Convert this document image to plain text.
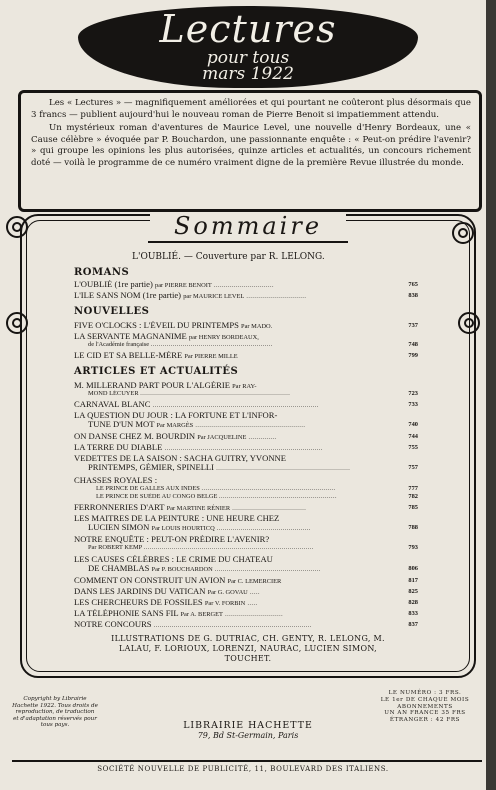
Lectures
pour tous
mars 1922

Les « Lectures » — magnifiquement améliorées et qui pourtant ne coûteront plus désormais que 3 francs — publient aujourd'hui le nouveau roman de Pierre Benoit si impatiemment attendu.

Un mystérieux roman d'aventures de Maurice Level, une nouvelle d'Henry Bordeaux, une « Cause célèbre » évoquée par P. Bouchardon, une passionnante enquête : « Peut-on prédire l'avenir? » qui groupe les opinions les plus autorisées, quinze articles et actualités, un concours richement doté — voilà le programme de ce numéro vraiment digne de la première Revue illustrée du monde.

Sommaire
L'OUBLIÉ. — Couverture par R. LELONG.
ROMANS
L'OUBLIÉ (1re partie) par PIERRE BENOIT ..............................	765
L'ILE SANS NOM (1re partie) par MAURICE LEVEL ..............................	838
NOUVELLES
FIVE O'CLOCKS : L'ÉVEIL DU PRINTEMPS Par MADO.	737
LA SERVANTE MAGNANIME par HENRY BORDEAUX,
de l'Académie française .............................................................	748
LE CID ET SA BELLE-MÈRE Par PIERRE MILLE	799
ARTICLES ET ACTUALITÉS
M. MILLERAND PART POUR L'ALGÉRIE Par RAY-
MOND LÉCUYER ...........................................................................	723
CARNAVAL BLANC ...................................................................................	733
LA QUESTION DU JOUR : LA FORTUNE ET L'INFOR-
TUNE D'UN MOT Par MARGÈS .......................................................	740
ON DANSE CHEZ M. BOURDIN Par JACQUELINE ..............	744
LA TERRE DU DIABLE ...............................................................................	755
VEDETTES DE LA SAISON : SACHA GUITRY, YVONNE
PRINTEMPS, GÉMIER, SPINELLI ...................................................................	757
CHASSES ROYALES :
LE PRINCE DE GALLES AUX INDES ...................................................................	777
LE PRINCE DE SUÈDE AU CONGO BELGE ...........................................................	782
FERRONNERIES D'ART Par MARTINE RÉNIER .....................................	785
LES MAITRES DE LA PEINTURE : UNE HEURE CHEZ
LUCIEN SIMON Par LOUIS HOURTICQ ...............................................	788
NOTRE ENQUÊTE : PEUT-ON PRÉDIRE L'AVENIR?
Par ROBERT KEMP .....................................................................................	793
LES CAUSES CÉLÈBRES : LE CRIME DU CHATEAU
DE CHAMBLAS Par P. BOUCHARDON .....................................................	806
COMMENT ON CONSTRUIT UN AVION Par C. LEMERCIER	817
DANS LES JARDINS DU VATICAN Par G. GOVAU .....	825
LES CHERCHEURS DE FOSSILES Par V. FORBIN .....	828
LA TÉLÉPHONIE SANS FIL Par A. BERGET .............................	833
NOTRE CONCOURS ...............................................................................	837
ILLUSTRATIONS DE G. DUTRIAC, CH. GENTY, R. LELONG, M. LALAU, F. LORIOUX, LORENZI, NAURAC, LUCIEN SIMON, TOUCHET.
Copyright by Librairie Hachette 1922. Tous droits de reproduction, de traduction et d'adaptation réservés pour tous pays.
LE NUMÉRO : 3 FRS.
LE 1er DE CHAQUE MOIS
ABONNEMENTS
UN AN FRANCE 35 FRS
ÉTRANGER : 42 FRS
LIBRAIRIE HACHETTE
79, Bd St-Germain, Paris
SOCIÉTÉ NOUVELLE DE PUBLICITÉ, 11, BOULEVARD DES ITALIENS.
